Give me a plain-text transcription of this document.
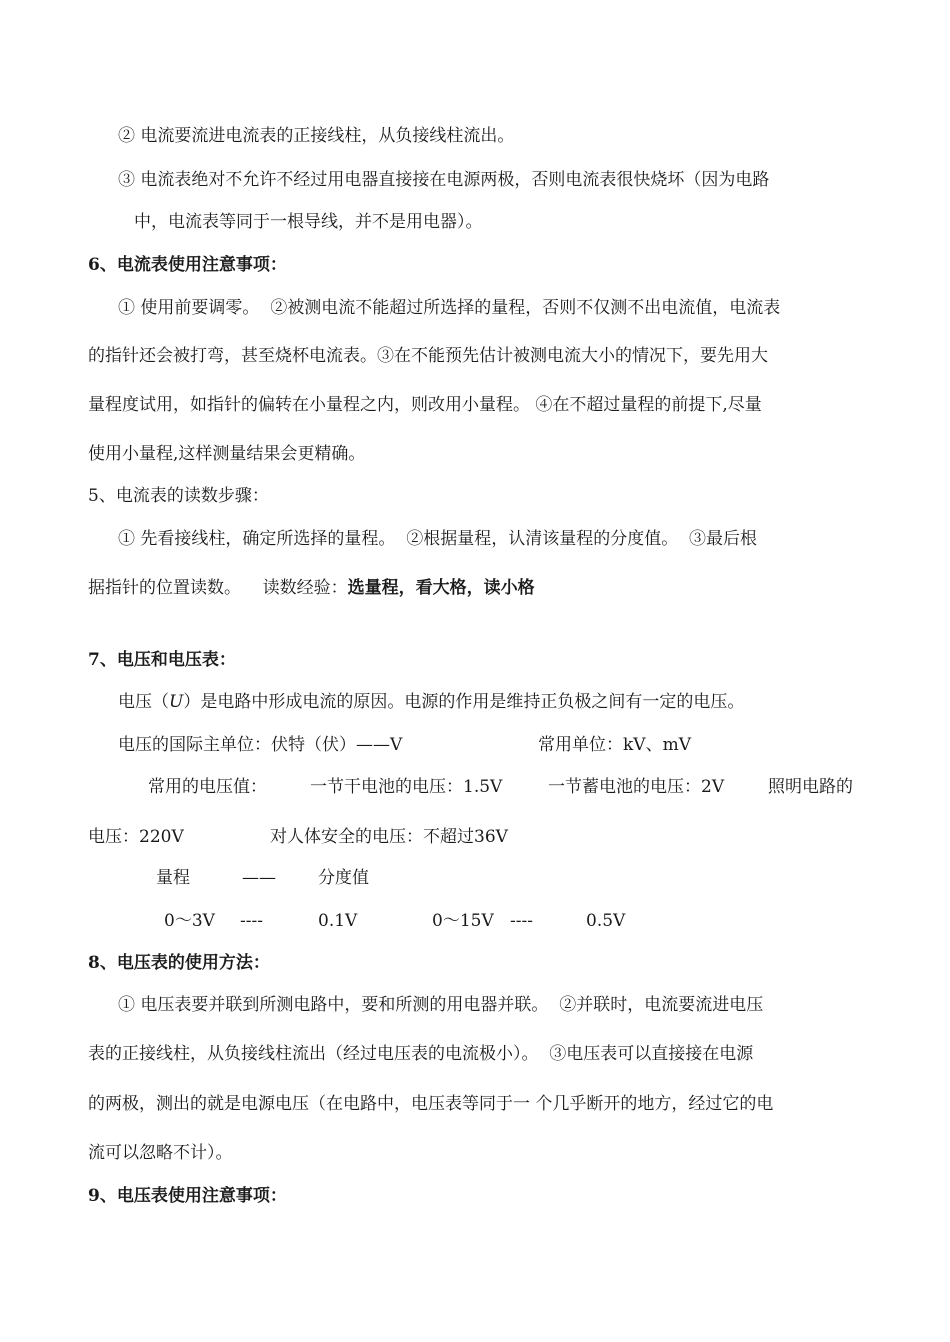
② 电流要流进电流表的正接线柱，从负接线柱流出。
③ 电流表绝对不允许不经过用电器直接接在电源两极，否则电流表很快烧坏（因为电路
中，电流表等同于一根导线，并不是用电器）。
6、电流表使用注意事项：
① 使用前要调零。  ②被测电流不能超过所选择的量程，否则不仅测不出电流值，电流表
的指针还会被打弯，甚至烧杯电流表。③在不能预先估计被测电流大小的情况下，要先用大
量程度试用，如指针的偏转在小量程之内，则改用小量程。 ④在不超过量程的前提下,尽量
使用小量程,这样测量结果会更精确。
5、电流表的读数步骤：
① 先看接线柱，确定所选择的量程。  ②根据量程，认清该量程的分度值。  ③最后根
据指针的位置读数。    读数经验：选量程，看大格，读小格
7、电压和电压表：
电压（U）是电路中形成电流的原因。电源的作用是维持正负极之间有一定的电压。
电压的国际主单位：伏特（伏）——V	常用单位：kV、mV
常用的电压值：	一节干电池的电压：1.5V	一节蓄电池的电压：2V	照明电路的
电压：220V	对人体安全的电压：不超过36V
量程	—— 分度值
0～3V ----	0.1V	0～15V ----	0.5V
8、电压表的使用方法：
① 电压表要并联到所测电路中，要和所测的用电器并联。  ②并联时，电流要流进电压
表的正接线柱，从负接线柱流出（经过电压表的电流极小）。  ③电压表可以直接接在电源
的两极，测出的就是电源电压（在电路中，电压表等同于一 个几乎断开的地方，经过它的电
流可以忽略不计）。
9、电压表使用注意事项：
